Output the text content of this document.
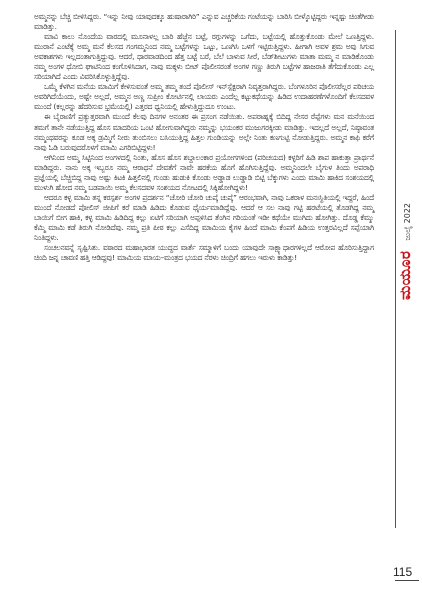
ಅಮ್ಮನನ್ನು ಬೆಚ್ಚಿ ಬೀಳಿಸಿದ್ದರು. “ಇನ್ನು ನೀವು ಯಾವುದಕ್ಕೂ ಹುಷಾರಾಗಿರಿ” ಎನ್ನುವ ಎಚ್ಚರಿಕೆಯ ಗಂಟೆಯನ್ನು ಬಾರಿಸಿ ಬೀಳ್ಕೊಟ್ಟಿದ್ದರು ಇನ್ನಷ್ಟು ಚಿಂತೆಗೀಡು ಮಾಡಿತ್ತು.

ಮಾವಿ ಕಾಲು ನೊಂದೆಯ ವಾರದಲ್ಲಿ ಮೂನಾಳಲ್ಲ ಬಾರಿ ಹೆಜ್ಜೆನ ಬಟ್ಟೆ, ರಗ್ಗುಗಳನ್ನು ಒಗೆದು, ಬಟ್ಟೆಯಲ್ಲಿ ಹೊತ್ತುಕೊಂಡು ಮೇಲೆ ಒಣತ್ತಿದ್ದಳು. ಮುರಾನೆ ಎಂಟೆಕ್ಕೆ ಅಮ್ಮ ಮನೆ ಕೆಲಸದ ಗಂಗಮ್ಮನಿಂದ ನಮ್ಮ ಬಟ್ಟೆಗಳನ್ನು ಒಟ್ಟು, ಒಣಗಿಸಿ ಒಳಗೆ ಇಟ್ಟಿರುತ್ತಿದ್ದಳು. ಹೀಗಾಗಿ ಅವಳ ಶ್ರಮ ಅವು ಸಿಗುವ ಅವಕಾಶಗಳು ಇಲ್ಲದಂತಾಗುತ್ತಿದ್ದುವು. ಆದರೆ, ಧಾರವಾಡದಿಂದ ಹೆತ್ತ ಬಟ್ಟೆ ಬರೆ, ಬೆಲೆ ಬಾಳುವ ಸೀರೆ, ಬೆಡ್‌ಶೀಟುಗಳು ಮಾತಾ ಮಮ್ಮ ನ ಮಾಡಿಕೊಂಡು ನಮ್ಮ ಅಂಗಳ ಧೋಬಿ ಘಾಟಿನಿಂದ ಕಂಗೊಳಿಸಿದಾಗ, ನಾವು ಮಕ್ಕಳು ಬೀಟ್ ಪೊಲೀಸರಂತೆ ಅಂಗಳ ಗಣ್ಣು ತಿರುಗಿ ಬಟ್ಟೆಗಳ ಹಾಜರಾತಿ ತೆಗೆದುಕೊಂಡು ಎಲ್ಲ ಸರಿಯಾಗಿದೆ ಎಂದು ವಿವರಿಸಿಕೊಳ್ಳುತ್ತಿದ್ದೆವು.

ಒಮ್ಮೆ ಕೆಳಗಿನ ಮನೆಯ ಮಾಮಿಗೆ ಕೇಳಿಸುವಂತೆ ಅಮ್ಮ ತಮ್ಮ ತಂದೆ ಪೊಲೀಸ್ ಇನ್‌ಸ್ಪೆಕ್ಟರಾಗಿ ನಿವೃತ್ತರಾಗಿದ್ದರು. ಬೆಂಗಳೂರಿನ ಪೊಲೀಸರೆಲ್ಲರ ಪರಿಚಯ ಅವರಿಗಿದೆಯೆಂದು, ಅಷ್ಟೇ ಅಲ್ಲದೆ, ಅಮ್ಮನ ಅಣ್ಣ ಸುಪ್ರೀಂ ಕೋರ್ಟಿನಲ್ಲಿ ಲಾಯರು ಎಂದೆಲ್ಲ ಕಟ್ಟುಕಥೆಯನ್ನು ಹಿಡಿದ ಉದಾಹರಣೆಗಳೊಂದಿಗೆ ಕೆಲಸದವಳ ಮುಂದೆ (ಕಲ್ಲರನ್ನು ಹೆದರಿಸುವ ಭ್ರಮೆಯಲ್ಲಿ) ಎತ್ತರದ ಧ್ವನಿಯಲ್ಲಿ ಹೇಳುತ್ತಿದ್ದುದೂ ಉಂಟು.

ಈ ಬೈರಾಣಿಗೆ ಪ್ರತ್ಯುತ್ತರವಾಗಿ ಮುಂದೆ ಕೆಲವು ದಿನಗಳ ಅನಂತರ ಈ ಪ್ರಸಂಗ ನಡೆಯಿತು. ಅಪರಾಹ್ನಕ್ಕೆ ಬಿದಿದ್ದ ನೇಸರ ರೆಪ್ಪೆಗಳು ಮನ ಮನೆಯಿಂದ ತಮಗೆ ತಾನೇ ನಡೆಯುತ್ತಿದ್ದ ಹೊಸ ಮಾದರಿಯ ಒಂಟಿ ಹೋಗುವಾಗಿದ್ದರು ನಮ್ಮನ್ನು ಭಯಂಕರ ಮುಜುಗರಕ್ಕೀಡು ಮಾಡಿತ್ತು. ಇದಲ್ಲದೆ ಅಲ್ಲದೆ, ನಿಷ್ಠಾವಂತ ನಮ್ಮಂಥವರನ್ನು ಕೂಡ ಅಕ್ಕ ಡ್ರಮ್ಮಿಗೆ ನೀರು ತುಂಬಿಸಲು ಬಸಿಯುತ್ತಿದ್ದ ಹಿತ್ತಲ ಗುಂಡಿಯನ್ನು ಅಲ್ಲೇ ನಿಂತು ಕಣಗುಟ್ಟಿ ನೋಡುತ್ತಿದ್ದರು. ಅಮ್ಮನ ಕಾಫಿ ಕರೆಗೆ ನಾವು ಓಡಿ ಬರುವುದರೊಳಗೆ ಮಾಮಿ ಎಗರಿಬಿಟ್ಟಿದ್ದಳು!

ಆಗಿನಿಂದ ಅಮ್ಮ ಸಿಟ್ಟಿನಿಂದ ಅಂಗಳದಲ್ಲಿ ನಿಂತು, ಹೊಸ ಹೊಸ ಶಬ್ದಾಲಂಕಾರ ಪ್ರಯೋಗಗಳಿಂದ (ಪರಿಚಯದ) ಕಳ್ಳರಿಗೆ ಹಿಡಿ ಶಾಪ ಹಾಕುತ್ತಾ ಪ್ರಾರ್ಥನೆ ಮಾಡಿದ್ದರು. ನಾನು ಅಕ್ಕ ಇಬ್ಬರೂ ನಮ್ಮ ಆರಾಧನೆ ದೇವತೆಗೆ ನಾವೇ ಹರಕೆಯ ಹೊಗೆ ಹೊಗಿಸುತ್ತಿದ್ದೆವು. ಅಮ್ಮನಿಂದಲೇ ಬೈಗುಳ ತಿಂದು ಅಪರಾಧಿ ಪ್ರಜ್ಞೆಯಲ್ಲಿ ಬೆಚ್ಚಿಬಿದ್ದ ನಾವು ಅಷ್ಟು ಕಿಟಕಿ ಹಿತ್ತಲಿನಲ್ಲಿ ಗುಂಡು ಹುಡುಕಿ ಕೊಂಡು ಅಡ್ಡಾಡ ಲುಡ್ಡಾಡಿ ಬಿಟ್ಟಿ ಬೆಕ್ಕುಗಳು ಎಂದು ಮಾಮಿ ಹಾಕಿದ ಸಂಶಯದಲ್ಲಿ ಮುಳುಗಿ ಹೋದ ನಮ್ಮ ಬಡಪಾಯಿ ಅಮ್ಮ ಕೆಲಸದವಳ ಸಂಶಯದ ನೋಟದಲ್ಲಿ ಸಿಕ್ಕಿಹೋಗಿದ್ದಳು!

ಆದರೂ ಕಳ್ಳ ಮಾಮಿ ತನ್ನ ಕರಸ್ಪರ್ಶ ಅಂಗಳ ಪ್ರದರ್ಶನ “ಚೋರಿ ಚೋರಿ ಚುಪ್ಕೆ ಚುಪ್ಕೆ” ಆರಂಭವಾಗಿ, ನಾವು ಒಕರಾಳ ಮನಃಸ್ಥಿತಿಯಲ್ಲಿ ಇದ್ದರೆ, ಹಿಂದೆ ಮುಂದೆ ನೋಡದೆ ಪೋಲಿಸ್ ಜೀಪಿಗೆ ಕರೆ ಮಾಡಿ ಹಿಡಿದು ಕೊಡುವ ಧೈರ್ಯಮಾಡಿದ್ದೆವು. ಆದರೆ ಆ ಸಲ ನಾವು ಗಟ್ಟಿ ಹರಟೆಯಲ್ಲಿ ತೊಡಗಿದ್ದ ನಮ್ಮ ಬಾಯಿಗೆ ಬೀಗ ಹಾಕಿ, ಕಳ್ಳ ಮಾಮಿ ಹಿಡಿದಿದ್ದ ಕಲ್ಲು ಏಟಿಗೆ ಸರಿಯಾಗಿ ಅಪ್ಪಳಿಸಿದ ತೆಂಗಿನ ಗರಿಯಂತೆ ಇಡೀ ಕಥೆಯೇ ಮುಗಿದು ಹೋಗಿತ್ತು. ದೊಡ್ಡ ಕೆಮ್ಮು ಕೆಮ್ಮಿ ಮಾಮಿ ಕಡೆ ತಿರುಗಿ ನೋಡಿದೆವು. ನಮ್ಮ ಪ್ರತಿ ಪೀಠ ಕಲ್ಲು ಎಸೆದಿದ್ದ ಮಾಮಿಯ ಕೈಗಳ ಹಿಂದೆ ಮಾಮಿ ಕೆಂಪಗೆ ಹಿಡಿಯ ಉತ್ತರವಿಲ್ಲದೆ ಸಪ್ಪೆಯಾಗಿ ನಿಂತಿದ್ದಳು.

ಸಂಚಲನವನ್ನೆ ಸೃಷ್ಟಿಸಿತು. ವಠಾರದ ಮಹಾಭಾರತ ಯುದ್ಧದ ವಾರ್ತೆ ಸಮ್ಮಾಳಿಗೆ ಬಂದು ಯಾವುದೇ ಸಾಕ್ಷ್ಯಾಧಾರಗಳಿಲ್ಲದೆ ಆರೋಪ ಹೊರಿಸುತ್ತಿದ್ದಾಗ ಚಿಂದಿ ಜನ್ನ ಚಾವಣಿ ಹತ್ತಿ ಆಡಿದ್ದವು! ಮಾಮಿಯ ಮಾಯ–ಮಂತ್ರದ ಭಯದ ನೆರಳು ಚಿಂದ್ರಿಗೆ ಹಗಲು ಇರುಳು ಕಾಡಿತ್ತು!	ಮಯೂರ
ಜುಲೈ 2022
115
